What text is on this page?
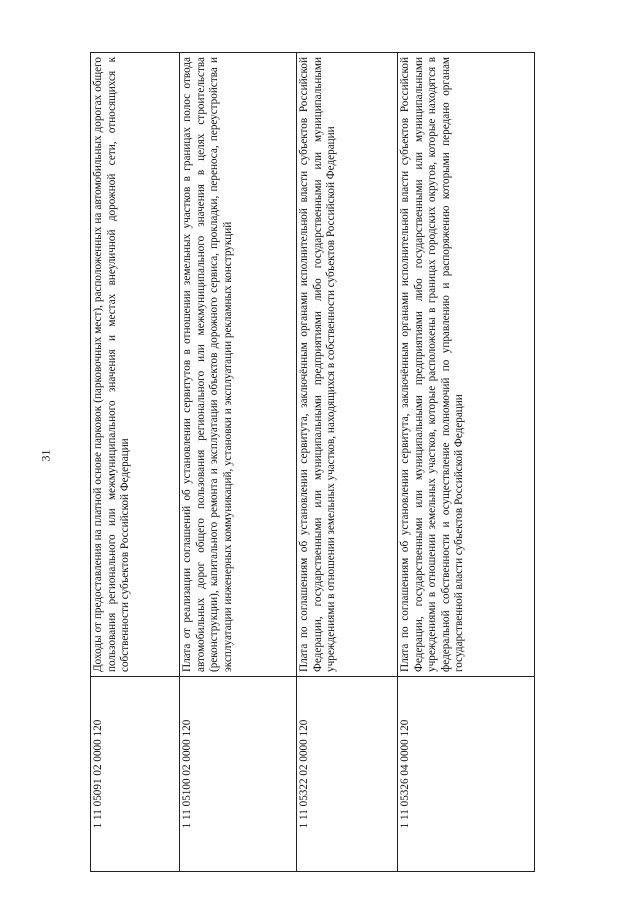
31
1 11 05091 02 0000 120	Доходы от предоставления на платной основе парковок (парковочных мест), расположенных на автомобильных дорогах общего пользования регионального или межмуниципального значения и местах внеуличной дорожной сети, относящихся к собственности субъектов Российской Федерации
1 11 05100 02 0000 120	Плата от реализации соглашений об установлении сервитутов в отношении земельных участков в границах полос отвода автомобильных дорог общего пользования регионального или межмуниципального значения в целях строительства (реконструкции), капитального ремонта и эксплуатации объектов дорожного сервиса, прокладки, переноса, переустройства и эксплуатации инженерных коммуникаций, установки и эксплуатации рекламных конструкций
1 11 05322 02 0000 120	Плата по соглашениям об установлении сервитута, заключённым органами исполнительной власти субъектов Российской Федерации, государственными или муниципальными предприятиями либо государственными или муниципальными учреждениями в отношении земельных участков, находящихся в собственности субъектов Российской Федерации
1 11 05326 04 0000 120	Плата по соглашениям об установлении сервитута, заключённым органами исполнительной власти субъектов Российской Федерации, государственными или муниципальными предприятиями либо государственными или муниципальными учреждениями в отношении земельных участков, которые расположены в границах городских округов, которые находятся в федеральной собственности и осуществление полномочий по управлению и распоряжению которыми передано органам государственной власти субъектов Российской Федерации
